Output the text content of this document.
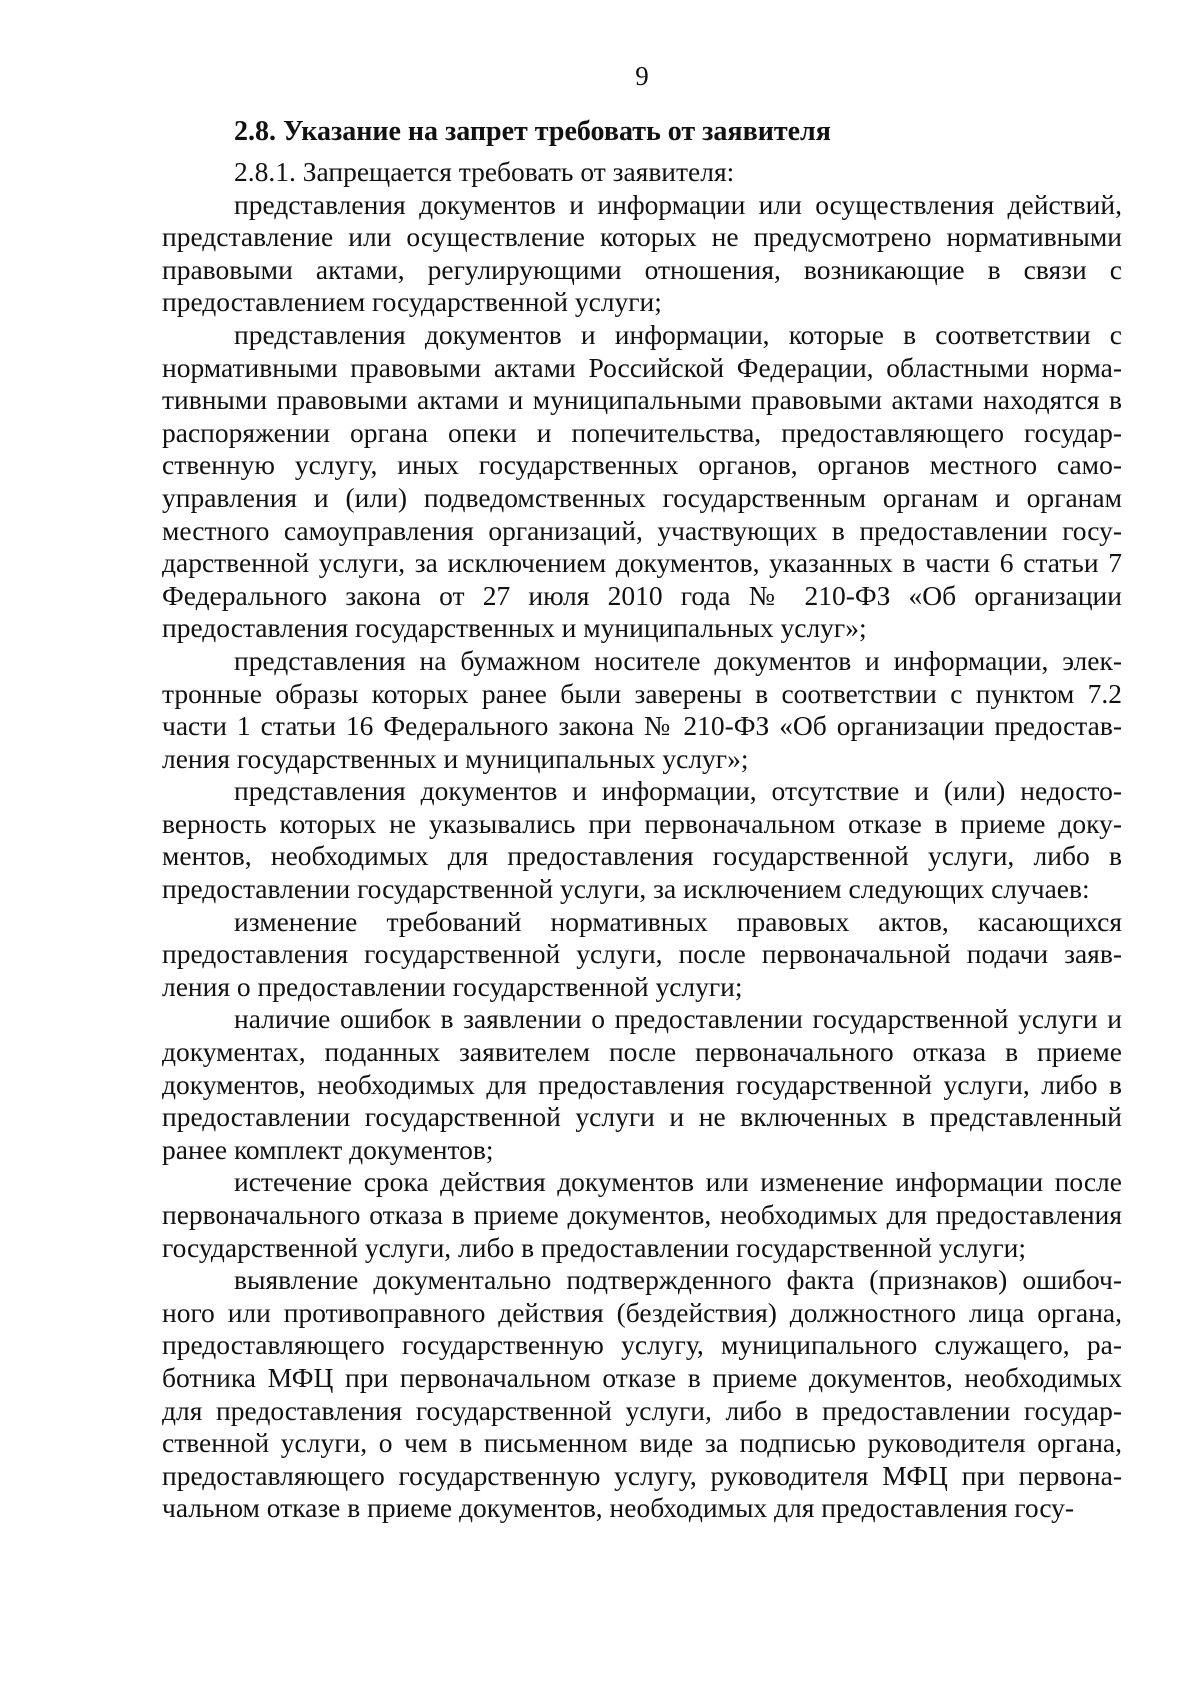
9
2.8. Указание на запрет требовать от заявителя

2.8.1. Запрещается требовать от заявителя:

представления документов и информации или осуществления действий, представление или осуществление которых не предусмотрено нормативными правовыми актами, регулирующими отношения, возникающие в связи с предоставлением государственной услуги;

представления документов и информации, которые в соответствии с нормативными правовыми актами Российской Федерации, областными нормативными правовыми актами и муниципальными правовыми актами находятся в распоряжении органа опеки и попечительства, предоставляющего государственную услугу, иных государственных органов, органов местного самоуправления и (или) подведомственных государственным органам и органам местного самоуправления организаций, участвующих в предоставлении государственной услуги, за исключением документов, указанных в части 6 статьи 7 Федерального закона от 27 июля 2010 года № 210-ФЗ «Об организации предоставления государственных и муниципальных услуг»;

представления на бумажном носителе документов и информации, электронные образы которых ранее были заверены в соответствии с пунктом 7.2 части 1 статьи 16 Федерального закона № 210-ФЗ «Об организации предоставления государственных и муниципальных услуг»;

представления документов и информации, отсутствие и (или) недостоверность которых не указывались при первоначальном отказе в приеме документов, необходимых для предоставления государственной услуги, либо в предоставлении государственной услуги, за исключением следующих случаев:

изменение требований нормативных правовых актов, касающихся предоставления государственной услуги, после первоначальной подачи заявления о предоставлении государственной услуги;

наличие ошибок в заявлении о предоставлении государственной услуги и документах, поданных заявителем после первоначального отказа в приеме документов, необходимых для предоставления государственной услуги, либо в предоставлении государственной услуги и не включенных в представленный ранее комплект документов;

истечение срока действия документов или изменение информации после первоначального отказа в приеме документов, необходимых для предоставления государственной услуги, либо в предоставлении государственной услуги;

выявление документально подтвержденного факта (признаков) ошибочного или противоправного действия (бездействия) должностного лица органа, предоставляющего государственную услугу, муниципального служащего, работника МФЦ при первоначальном отказе в приеме документов, необходимых для предоставления государственной услуги, либо в предоставлении государственной услуги, о чем в письменном виде за подписью руководителя органа, предоставляющего государственную услугу, руководителя МФЦ при первоначальном отказе в приеме документов, необходимых для предоставления госу-
